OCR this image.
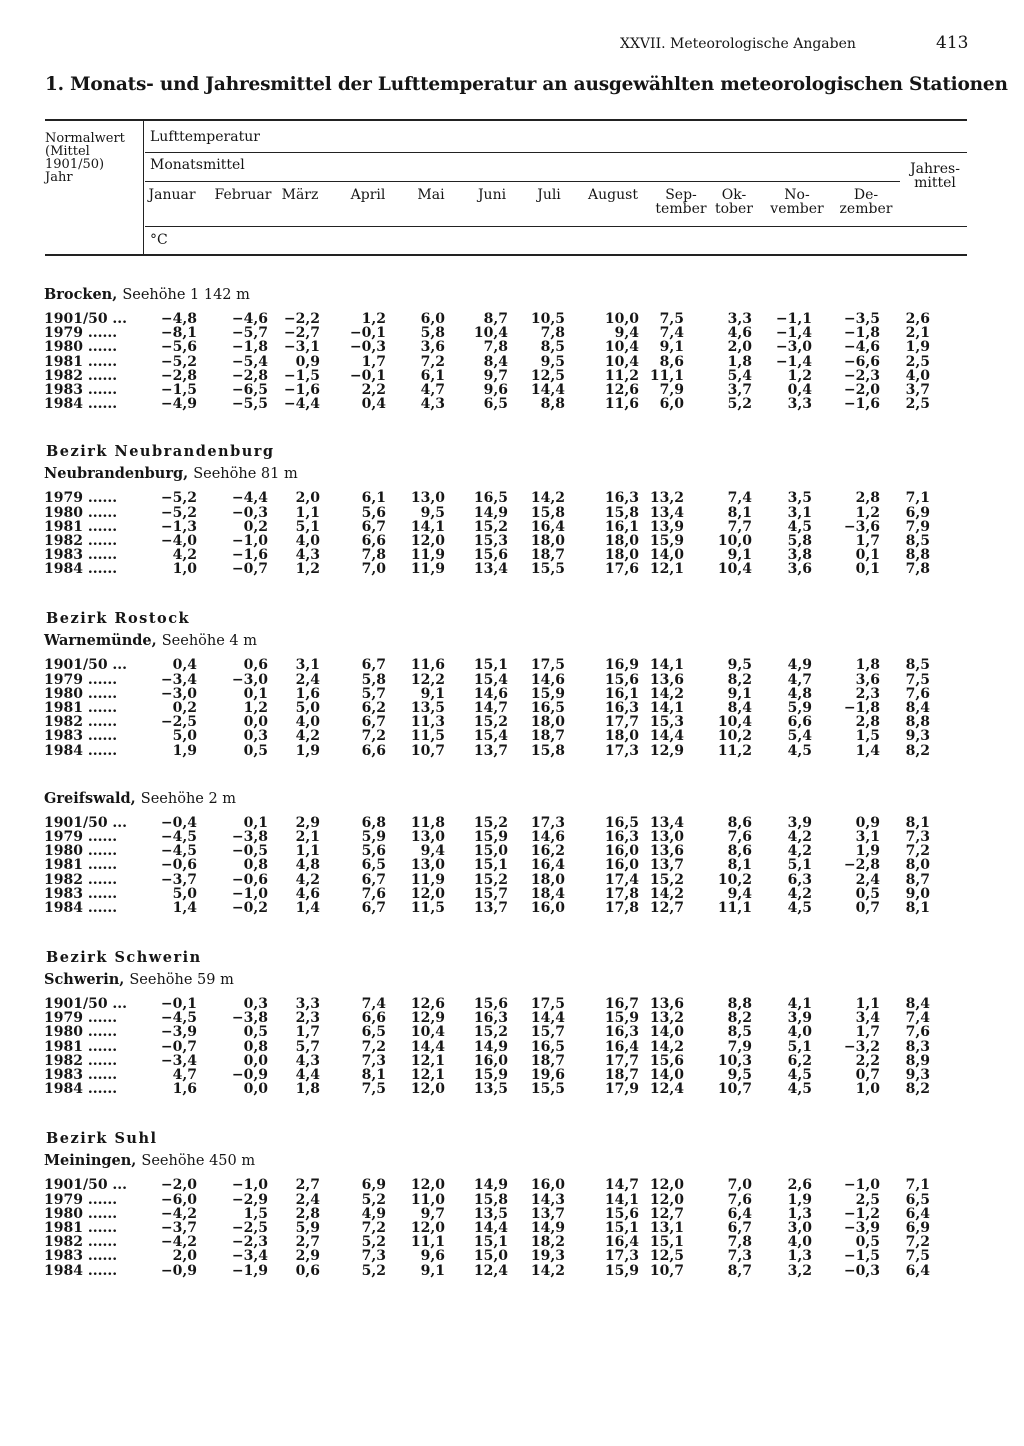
XXVII. Meteorologische Angaben	413
1. Monats- und Jahresmittel der Lufttemperatur an ausgewählten meteorologischen Stationen
Normalwert
(Mittel
1901/50)
Jahr
Lufttemperatur
Monatsmittel	Jahres-
mittel
°C
Januar	Februar März	April	Mai	Juni	Juli	August	Sep-
tember
Ok-
tober
No-
vember
De-
zember
Brocken, Seehöhe 1 142 m
1901/50 ...	−4,8	−4,6	−2,2	1,2	6,0	8,7	10,5	10,0	7,5	3,3	−1,1	−3,5	2,6
1979 ......	−8,1	−5,7	−2,7	−0,1	5,8	10,4	7,8	9,4	7,4	4,6	−1,4	−1,8	2,1
1980 ......	−5,6	−1,8	−3,1	−0,3	3,6	7,8	8,5	10,4	9,1	2,0	−3,0	−4,6	1,9
1981 ......	−5,2	−5,4	0,9	1,7	7,2	8,4	9,5	10,4	8,6	1,8	−1,4	−6,6	2,5
1982 ......	−2,8	−2,8	−1,5	−0,1	6,1	9,7	12,5	11,2 11,1	5,4	1,2	−2,3	4,0
1983 ......	−1,5	−6,5	−1,6	2,2	4,7	9,6	14,4	12,6	7,9	3,7	0,4	−2,0	3,7
1984 ......	−4,9	−5,5	−4,4	0,4	4,3	6,5	8,8	11,6	6,0	5,2	3,3	−1,6	2,5
Bezirk Neubrandenburg
Neubrandenburg, Seehöhe 81 m
1979 ......	−5,2	−4,4	2,0	6,1	13,0	16,5	14,2	16,3 13,2	7,4	3,5	2,8	7,1
1980 ......	−5,2	−0,3	1,1	5,6	9,5	14,9	15,8	15,8 13,4	8,1	3,1	1,2	6,9
1981 ......	−1,3	0,2	5,1	6,7	14,1	15,2	16,4	16,1 13,9	7,7	4,5	−3,6	7,9
1982 ......	−4,0	−1,0	4,0	6,6	12,0	15,3	18,0	18,0 15,9	10,0	5,8	1,7	8,5
1983 ......	4,2	−1,6	4,3	7,8	11,9	15,6	18,7	18,0 14,0	9,1	3,8	0,1	8,8
1984 ......	1,0	−0,7	1,2	7,0	11,9	13,4	15,5	17,6 12,1	10,4	3,6	0,1	7,8
Bezirk Rostock
Warnemünde, Seehöhe 4 m
1901/50 ...	0,4	0,6	3,1	6,7	11,6	15,1	17,5	16,9 14,1	9,5	4,9	1,8	8,5
1979 ......	−3,4	−3,0	2,4	5,8	12,2	15,4	14,6	15,6 13,6	8,2	4,7	3,6	7,5
1980 ......	−3,0	0,1	1,6	5,7	9,1	14,6	15,9	16,1 14,2	9,1	4,8	2,3	7,6
1981 ......	0,2	1,2	5,0	6,2	13,5	14,7	16,5	16,3 14,1	8,4	5,9	−1,8	8,4
1982 ......	−2,5	0,0	4,0	6,7	11,3	15,2	18,0	17,7 15,3	10,4	6,6	2,8	8,8
1983 ......	5,0	0,3	4,2	7,2	11,5	15,4	18,7	18,0 14,4	10,2	5,4	1,5	9,3
1984 ......	1,9	0,5	1,9	6,6	10,7	13,7	15,8	17,3 12,9	11,2	4,5	1,4	8,2
Greifswald, Seehöhe 2 m
1901/50 ...	−0,4	0,1	2,9	6,8	11,8	15,2	17,3	16,5 13,4	8,6	3,9	0,9	8,1
1979 ......	−4,5	−3,8	2,1	5,9	13,0	15,9	14,6	16,3 13,0	7,6	4,2	3,1	7,3
1980 ......	−4,5	−0,5	1,1	5,6	9,4	15,0	16,2	16,0 13,6	8,6	4,2	1,9	7,2
1981 ......	−0,6	0,8	4,8	6,5	13,0	15,1	16,4	16,0 13,7	8,1	5,1	−2,8	8,0
1982 ......	−3,7	−0,6	4,2	6,7	11,9	15,2	18,0	17,4 15,2	10,2	6,3	2,4	8,7
1983 ......	5,0	−1,0	4,6	7,6	12,0	15,7	18,4	17,8 14,2	9,4	4,2	0,5	9,0
1984 ......	1,4	−0,2	1,4	6,7	11,5	13,7	16,0	17,8 12,7	11,1	4,5	0,7	8,1
Bezirk Schwerin
Schwerin, Seehöhe 59 m
1901/50 ...	−0,1	0,3	3,3	7,4	12,6	15,6	17,5	16,7 13,6	8,8	4,1	1,1	8,4
1979 ......	−4,5	−3,8	2,3	6,6	12,9	16,3	14,4	15,9 13,2	8,2	3,9	3,4	7,4
1980 ......	−3,9	0,5	1,7	6,5	10,4	15,2	15,7	16,3 14,0	8,5	4,0	1,7	7,6
1981 ......	−0,7	0,8	5,7	7,2	14,4	14,9	16,5	16,4 14,2	7,9	5,1	−3,2	8,3
1982 ......	−3,4	0,0	4,3	7,3	12,1	16,0	18,7	17,7 15,6	10,3	6,2	2,2	8,9
1983 ......	4,7	−0,9	4,4	8,1	12,1	15,9	19,6	18,7 14,0	9,5	4,5	0,7	9,3
1984 ......	1,6	0,0	1,8	7,5	12,0	13,5	15,5	17,9 12,4	10,7	4,5	1,0	8,2
Bezirk Suhl
Meiningen, Seehöhe 450 m
1901/50 ...	−2,0	−1,0	2,7	6,9	12,0	14,9	16,0	14,7 12,0	7,0	2,6	−1,0	7,1
1979 ......	−6,0	−2,9	2,4	5,2	11,0	15,8	14,3	14,1 12,0	7,6	1,9	2,5	6,5
1980 ......	−4,2	1,5	2,8	4,9	9,7	13,5	13,7	15,6 12,7	6,4	1,3	−1,2	6,4
1981 ......	−3,7	−2,5	5,9	7,2	12,0	14,4	14,9	15,1 13,1	6,7	3,0	−3,9	6,9
1982 ......	−4,2	−2,3	2,7	5,2	11,1	15,1	18,2	16,4 15,1	7,8	4,0	0,5	7,2
1983 ......	2,0	−3,4	2,9	7,3	9,6	15,0	19,3	17,3 12,5	7,3	1,3	−1,5	7,5
1984 ......	−0,9	−1,9	0,6	5,2	9,1	12,4	14,2	15,9 10,7	8,7	3,2	−0,3	6,4
